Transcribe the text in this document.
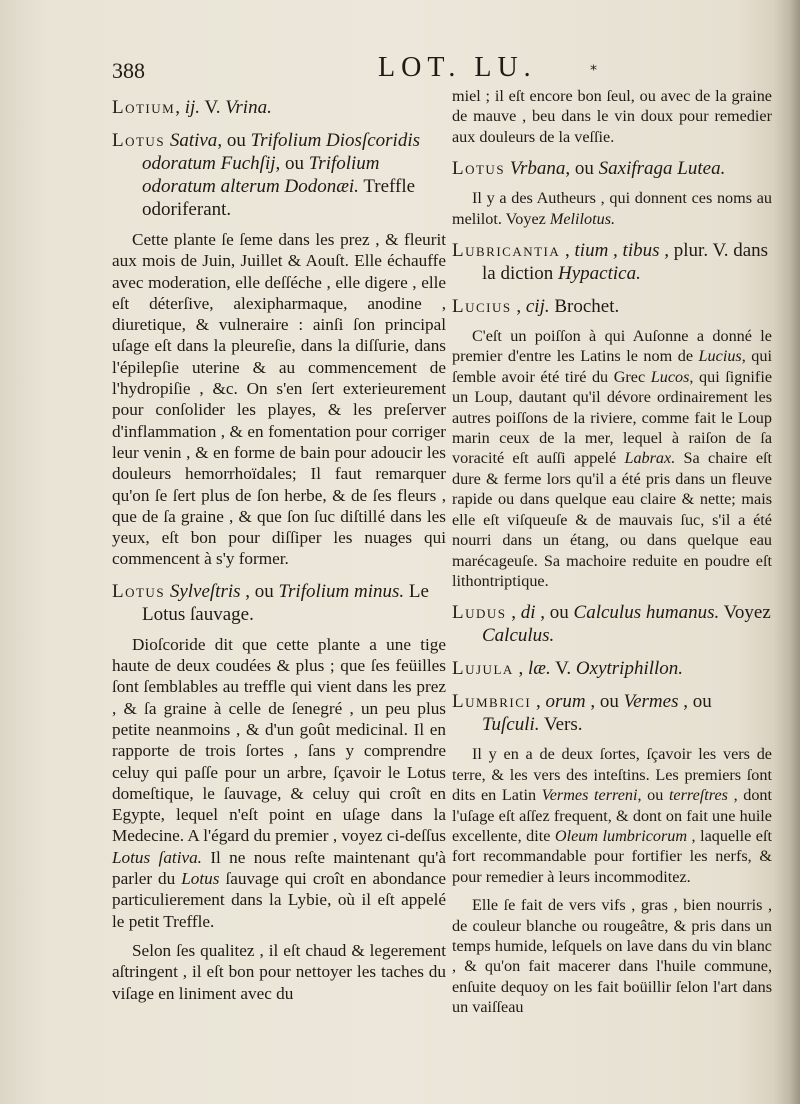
388	LOT. LU.	⁎

Lotium, ij. V. Vrina.

Lotus Sativa, ou Trifolium Diosſcoridis odoratum Fuchſij, ou Trifolium odoratum alterum Dodonæi. Treffle odoriferant.

Cette plante ſe ſeme dans les prez , & fleurit aux mois de Juin, Juillet & Aouſt. Elle échauffe avec moderation, elle deſſéche , elle digere , elle eſt déterſive, alexipharmaque, anodine , diuretique, & vulneraire : ainſi ſon principal uſage eſt dans la pleureſie, dans la diſſurie, dans l'épilepſie uterine & au commencement de l'hydropiſie , &c. On s'en ſert exterieurement pour conſolider les playes, & les preſerver d'inflammation , & en fomentation pour corriger leur venin , & en forme de bain pour adoucir les douleurs hemorrhoïdales; Il faut remarquer qu'on ſe ſert plus de ſon herbe, & de ſes fleurs , que de ſa graine , & que ſon ſuc diſtillé dans les yeux, eſt bon pour diſſiper les nuages qui commencent à s'y former.

Lotus Sylveſtris , ou Trifolium minus. Le Lotus ſauvage.

Dioſcoride dit que cette plante a une tige haute de deux coudées & plus ; que ſes feüilles ſont ſemblables au treffle qui vient dans les prez , & ſa graine à celle de ſenegré , un peu plus petite neanmoins , & d'un goût medicinal. Il en rapporte de trois ſortes , ſans y comprendre celuy qui paſſe pour un arbre, ſçavoir le Lotus domeſtique, le ſauvage, & celuy qui croît en Egypte, lequel n'eſt point en uſage dans la Medecine. A l'égard du premier , voyez ci-deſſus Lotus ſativa. Il ne nous reſte maintenant qu'à parler du Lotus ſauvage qui croît en abondance particulierement dans la Lybie, où il eſt appelé le petit Treffle.

Selon ſes qualitez , il eſt chaud & legerement aſtringent , il eſt bon pour nettoyer les taches du viſage en liniment avec du

miel ; il eſt encore bon ſeul, ou avec de la graine de mauve , beu dans le vin doux pour remedier aux douleurs de la veſſie.

Lotus Vrbana, ou Saxifraga Lutea.

Il y a des Autheurs , qui donnent ces noms au melilot. Voyez Melilotus.

Lubricantia , tium , tibus , plur. V. dans la diction Hypactica.

Lucius , cij. Brochet.

C'eſt un poiſſon à qui Auſonne a donné le premier d'entre les Latins le nom de Lucius, qui ſemble avoir été tiré du Grec Lucos, qui ſignifie un Loup, dautant qu'il dévore ordinairement les autres poiſſons de la riviere, comme fait le Loup marin ceux de la mer, lequel à raiſon de ſa voracité eſt auſſi appelé Labrax. Sa chaire eſt dure & ferme lors qu'il a été pris dans un fleuve rapide ou dans quelque eau claire & nette; mais elle eſt viſqueuſe & de mauvais ſuc, s'il a été nourri dans un étang, ou dans quelque eau marécageuſe. Sa machoire reduite en poudre eſt lithontriptique.

Ludus , di , ou Calculus humanus. Voyez Calculus.

Lujula , læ. V. Oxytriphillon.

Lumbrici , orum , ou Vermes , ou Tuſculi. Vers.

Il y en a de deux ſortes, ſçavoir les vers de terre, & les vers des inteſtins. Les premiers ſont dits en Latin Vermes terreni, ou terreſtres , dont l'uſage eſt aſſez frequent, & dont on fait une huile excellente, dite Oleum lumbricorum , laquelle eſt fort recommandable pour fortifier les nerfs, & pour remedier à leurs incommoditez.

Elle ſe fait de vers vifs , gras , bien nourris , de couleur blanche ou rougeâtre, & pris dans un temps humide, leſquels on lave dans du vin blanc , & qu'on fait macerer dans l'huile commune, enſuite dequoy on les fait boüillir ſelon l'art dans un vaiſſeau
